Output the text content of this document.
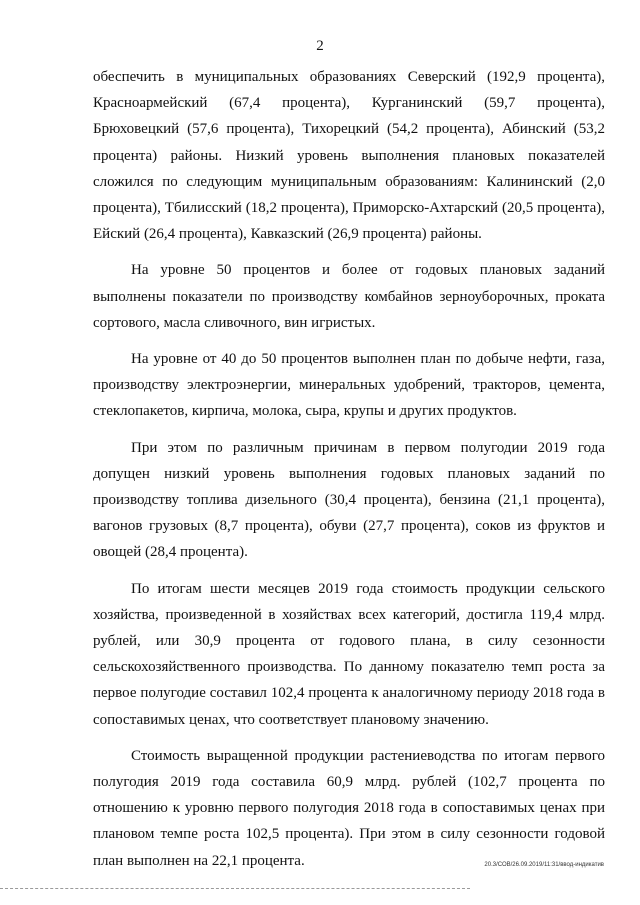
2

обеспечить в муниципальных образованиях Северский (192,9 процента), Красноармейский (67,4 процента), Курганинский (59,7 процента), Брюховецкий (57,6 процента), Тихорецкий (54,2 процента), Абинский (53,2 процента) районы. Низкий уровень выполнения плановых показателей сложился по следующим муниципальным образованиям: Калининский (2,0 процента), Тбилисский (18,2 процента), Приморско-Ахтарский (20,5 процента), Ейский (26,4 процента), Кавказский (26,9 процента) районы.

На уровне 50 процентов и более от годовых плановых заданий выполнены показатели по производству комбайнов зерноуборочных, проката сортового, масла сливочного, вин игристых.

На уровне от 40 до 50 процентов выполнен план по добыче нефти, газа, производству электроэнергии, минеральных удобрений, тракторов, цемента, стеклопакетов, кирпича, молока, сыра, крупы и других продуктов.

При этом по различным причинам в первом полугодии 2019 года допущен низкий уровень выполнения годовых плановых заданий по производству топлива дизельного (30,4 процента), бензина (21,1 процента), вагонов грузовых (8,7 процента), обуви (27,7 процента), соков из фруктов и овощей (28,4 процента).

По итогам шести месяцев 2019 года стоимость продукции сельского хозяйства, произведенной в хозяйствах всех категорий, достигла 119,4 млрд. рублей, или 30,9 процента от годового плана, в силу сезонности сельскохозяйственного производства. По данному показателю темп роста за первое полугодие составил 102,4 процента к аналогичному периоду 2018 года в сопоставимых ценах, что соответствует плановому значению.

Стоимость выращенной продукции растениеводства по итогам первого полугодия 2019 года составила 60,9 млрд. рублей (102,7 процента по отношению к уровню первого полугодия 2018 года в сопоставимых ценах при плановом темпе роста 102,5 процента). При этом в силу сезонности годовой план выполнен на 22,1 процента.	20.3/СОВ/26.09.2019/11:31/ввод-индикатив
